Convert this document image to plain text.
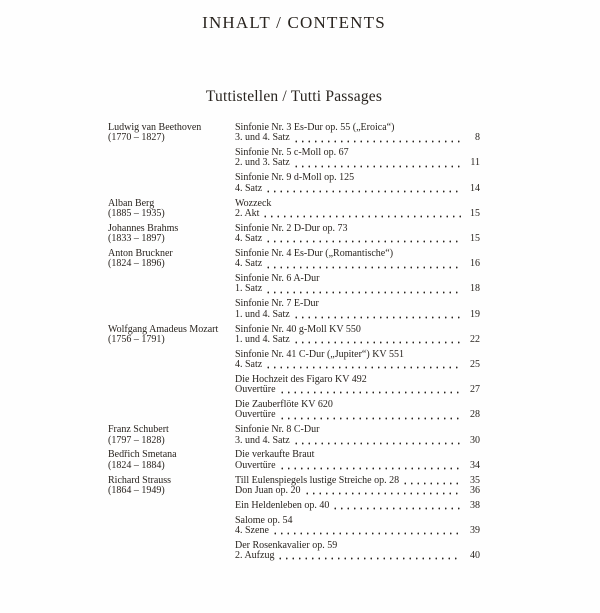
INHALT / CONTENTS
Tuttistellen / Tutti Passages
Ludwig van Beethoven
(1770 – 1827)
Sinfonie Nr. 3 Es-Dur op. 55 („Eroica“)
3. und 4. Satz	8
Sinfonie Nr. 5 c-Moll op. 67
2. und 3. Satz	11
Sinfonie Nr. 9 d-Moll op. 125
4. Satz	14
Alban Berg
(1885 – 1935)
Wozzeck
2. Akt	15
Johannes Brahms
(1833 – 1897)
Sinfonie Nr. 2 D-Dur op. 73
4. Satz	15
Anton Bruckner
(1824 – 1896)
Sinfonie Nr. 4 Es-Dur („Romantische“)
4. Satz	16
Sinfonie Nr. 6 A-Dur
1. Satz	18
Sinfonie Nr. 7 E-Dur
1. und 4. Satz	19
Wolfgang Amadeus Mozart
(1756 – 1791)
Sinfonie Nr. 40 g-Moll KV 550
1. und 4. Satz	22
Sinfonie Nr. 41 C-Dur („Jupiter“) KV 551
4. Satz	25
Die Hochzeit des Figaro KV 492
Ouvertüre	27
Die Zauberflöte KV 620
Ouvertüre	28
Franz Schubert
(1797 – 1828)
Sinfonie Nr. 8 C-Dur
3. und 4. Satz	30
Bedřich Smetana
(1824 – 1884)
Die verkaufte Braut
Ouvertüre	34
Richard Strauss
(1864 – 1949)
Till Eulenspiegels lustige Streiche op. 28	35
Don Juan op. 20	36
Ein Heldenleben op. 40	38
Salome op. 54
4. Szene	39
Der Rosenkavalier op. 59
2. Aufzug	40
